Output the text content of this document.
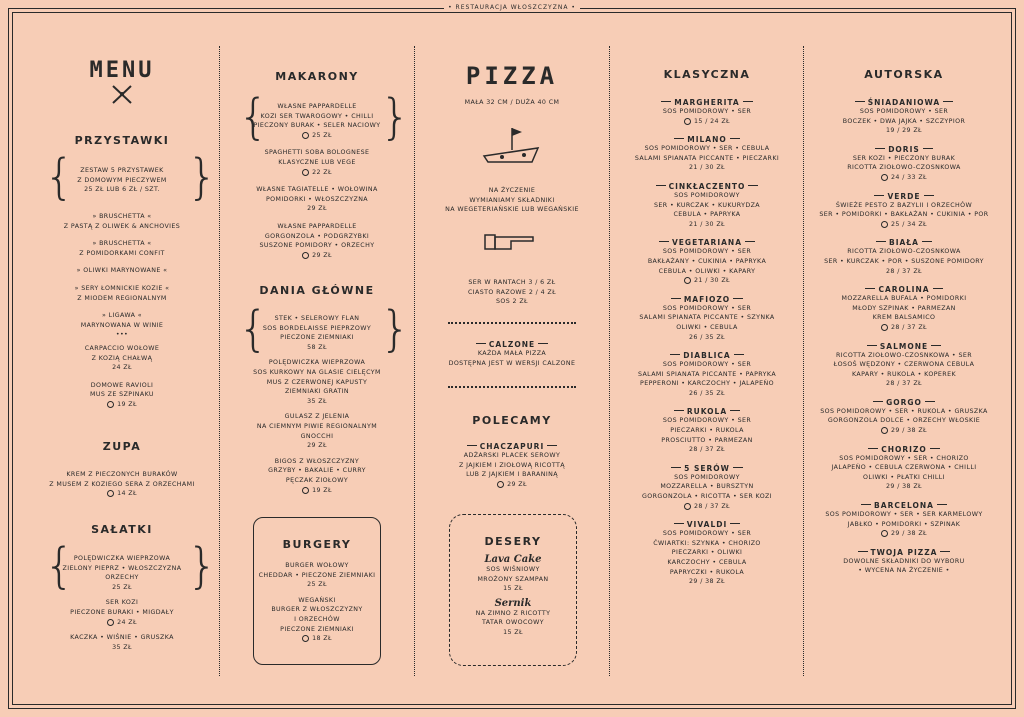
• RESTAURACJA WŁOSZCZYZNA •
MENU
PRZYSTAWKI
{ }
ZESTAW 5 PRZYSTAWEK
Z DOMOWYM PIECZYWEM
25 ZŁ LUB 6 ZŁ / SZT.
» BRUSCHETTA «
Z PASTĄ Z OLIWEK & ANCHOVIES
» BRUSCHETTA «
Z POMIDORKAMI CONFIT
» OLIWKI MARYNOWANE «
» SERY ŁOMNICKIE KOZIE «
Z MIODEM REGIONALNYM
» LIGAWA «
MARYNOWANA W WINIE
•••
CARPACCIO WOŁOWE
Z KOZIĄ CHAŁWĄ
24 ZŁ
DOMOWE RAVIOLI
MUS ZE SZPINAKU
19 ZŁ
ZUPA
KREM Z PIECZONYCH BURAKÓW
Z MUSEM Z KOZIEGO SERA Z ORZECHAMI
14 ZŁ
SAŁATKI
{ }
POLĘDWICZKA WIEPRZOWA
ZIELONY PIEPRZ • WŁOSZCZYZNA
ORZECHY
25 ZŁ
SER KOZI
PIECZONE BURAKI • MIGDAŁY
24 ZŁ
KACZKA • WIŚNIE • GRUSZKA
35 ZŁ
MAKARONY
{ }
WŁASNE PAPPARDELLE
KOZI SER TWAROGOWY • CHILLI
PIECZONY BURAK • SELER NACIOWY
25 ZŁ
SPAGHETTI SOBA BOLOGNESE
KLASYCZNE LUB VEGE
22 ZŁ
WŁASNE TAGIATELLE • WOŁOWINA
POMIDORKI • WŁOSZCZYZNA
29 ZŁ
WŁASNE PAPPARDELLE
GORGONZOLA • PODGRZYBKI
SUSZONE POMIDORY • ORZECHY
29 ZŁ
DANIA GŁÓWNE
{ }
STEK • SELEROWY FLAN
SOS BORDELAISSE PIEPRZOWY
PIECZONE ZIEMNIAKI
58 ZŁ
POLĘDWICZKA WIEPRZOWA
SOS KURKOWY NA GLASIE CIELĘCYM
MUS Z CZERWONEJ KAPUSTY
ZIEMNIAKI GRATIN
35 ZŁ
GULASZ Z JELENIA
NA CIEMNYM PIWIE REGIONALNYM
GNOCCHI
29 ZŁ
BIGOS Z WŁOSZCZYZNY
GRZYBY • BAKALIE • CURRY
PĘCZAK ZIOŁOWY
19 ZŁ
BURGERY
BURGER WOŁOWY
CHEDDAR • PIECZONE ZIEMNIAKI
25 ZŁ
WEGAŃSKI
BURGER Z WŁOSZCZYZNY
I ORZECHÓW
PIECZONE ZIEMNIAKI
18 ZŁ
PIZZA
MAŁA 32 CM / DUŻA 40 CM
NA ŻYCZENIE
WYMIANIAMY SKŁADNIKI
NA WEGETERIAŃSKIE LUB WEGAŃSKIE
SER W RANTACH 3 / 6 ZŁ
CIASTO RAZOWE 2 / 4 ZŁ
SOS 2 ZŁ
CALZONE
KAŻDA MAŁA PIZZA
DOSTĘPNA JEST W WERSJI CALZONE
POLECAMY
CHACZAPURI
ADŻARSKI PLACEK SEROWY
Z JAJKIEM I ZIOŁOWĄ RICOTTĄ
LUB Z JAJKIEM I BARANINĄ
29 ZŁ
DESERY
Lava Cake
SOS WIŚNIOWY
MROŻONY SZAMPAN
15 ZŁ
Sernik
NA ZIMNO Z RICOTTY
TATAR OWOCOWY
15 ZŁ
KLASYCZNA
MARGHERITA
SOS POMIDOROWY • SER
15 / 24 ZŁ
MILANO
SOS POMIDOROWY • SER • CEBULA
SALAMI SPIANATA PICCANTE • PIECZARKI
21 / 30 ZŁ
CINKŁACZENTO
SOS POMIDOROWY
SER • KURCZAK • KUKURYDZA
CEBULA • PAPRYKA
21 / 30 ZŁ
VEGETARIANA
SOS POMIDOROWY • SER
BAKŁAŻANY • CUKINIA • PAPRYKA
CEBULA • OLIWKI • KAPARY
21 / 30 ZŁ
MAFIOZO
SOS POMIDOROWY • SER
SALAMI SPIANATA PICCANTE • SZYNKA
OLIWKI • CEBULA
26 / 35 ZŁ
DIABLICA
SOS POMIDOROWY • SER
SALAMI SPIANATA PICCANTE • PAPRYKA
PEPPERONI • KARCZOCHY • JALAPEŃO
26 / 35 ZŁ
RUKOLA
SOS POMIDOROWY • SER
PIECZARKI • RUKOLA
PROSCIUTTO • PARMEZAN
28 / 37 ZŁ
5 SERÓW
SOS POMIDOROWY
MOZZARELLA • BURSZTYN
GORGONZOLA • RICOTTA • SER KOZI
28 / 37 ZŁ
VIVALDI
SOS POMIDOROWY • SER
ĆWIARTKI: SZYNKA • CHORIZO
PIECZARKI • OLIWKI
KARCZOCHY • CEBULA
PAPRYCZKI • RUKOLA
29 / 38 ZŁ
AUTORSKA
ŚNIADANIOWA
SOS POMIDOROWY • SER
BOCZEK • DWA JAJKA • SZCZYPIOR
19 / 29 ZŁ
DORIS
SER KOZI • PIECZONY BURAK
RICOTTA ZIOŁOWO-CZOSNKOWA
24 / 33 ZŁ
VERDE
ŚWIEŻE PESTO Z BAZYLII I ORZECHÓW
SER • POMIDORKI • BAKŁAŻAN • CUKINIA • POR
25 / 34 ZŁ
BIAŁA
RICOTTA ZIOŁOWO-CZOSNKOWA
SER • KURCZAK • POR • SUSZONE POMIDORY
28 / 37 ZŁ
CAROLINA
MOZZARELLA BUFALA • POMIDORKI
MŁODY SZPINAK • PARMEZAN
KREM BALSAMICO
28 / 37 ZŁ
SALMONE
RICOTTA ZIOŁOWO-CZOSNKOWA • SER
ŁOSOŚ WĘDZONY • CZERWONA CEBULA
KAPARY • RUKOLA • KOPEREK
28 / 37 ZŁ
GORGO
SOS POMIDOROWY • SER • RUKOLA • GRUSZKA
GORGONZOLA DOLCE • ORZECHY WŁOSKIE
29 / 38 ZŁ
CHORIZO
SOS POMIDOROWY • SER • CHORIZO
JALAPEŃO • CEBULA CZERWONA • CHILLI
OLIWKI • PŁATKI CHILLI
29 / 38 ZŁ
BARCELONA
SOS POMIDOROWY • SER • SER KARMELOWY
JABŁKO • POMIDORKI • SZPINAK
29 / 38 ZŁ
TWOJA PIZZA
DOWOLNE SKŁADNIKI DO WYBORU
• WYCENA NA ŻYCZENIE •
